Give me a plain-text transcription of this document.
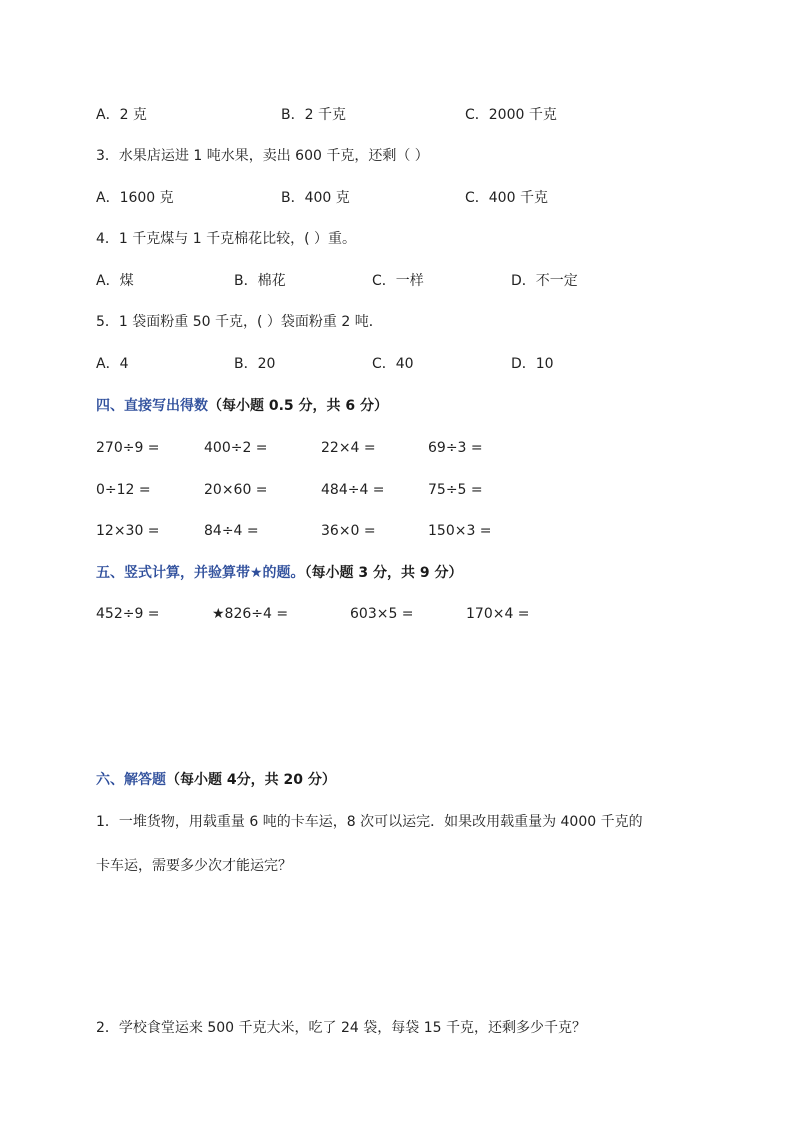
A．2 克	B．2 千克	C．2000 千克
3．水果店运进 1 吨水果，卖出 600 千克，还剩（ ）
A．1600 克	B．400 克	C．400 千克
4．1 千克煤与 1 千克棉花比较，( ）重。
A．煤	B．棉花	C．一样	D．不一定
5．1 袋面粉重 50 千克，( ）袋面粉重 2 吨．
A．4	B．20	C．40	D．10
四、直接写出得数（每小题 0.5 分，共 6 分）
270÷9 =	400÷2 =	22×4 =	69÷3 =
0÷12 =	20×60 =	484÷4 =	75÷5 =
12×30 =	84÷4 =	36×0 =	150×3 =
五、竖式计算，并验算带★的题。（每小题 3 分，共 9 分）
452÷9 =	★826÷4 =	603×5 =	170×4 =
六、解答题（每小题 4分，共 20 分）
1．一堆货物，用载重量 6 吨的卡车运，8 次可以运完．如果改用载重量为 4000 千克的
卡车运，需要多少次才能运完？
2．学校食堂运来 500 千克大米，吃了 24 袋，每袋 15 千克，还剩多少千克？
